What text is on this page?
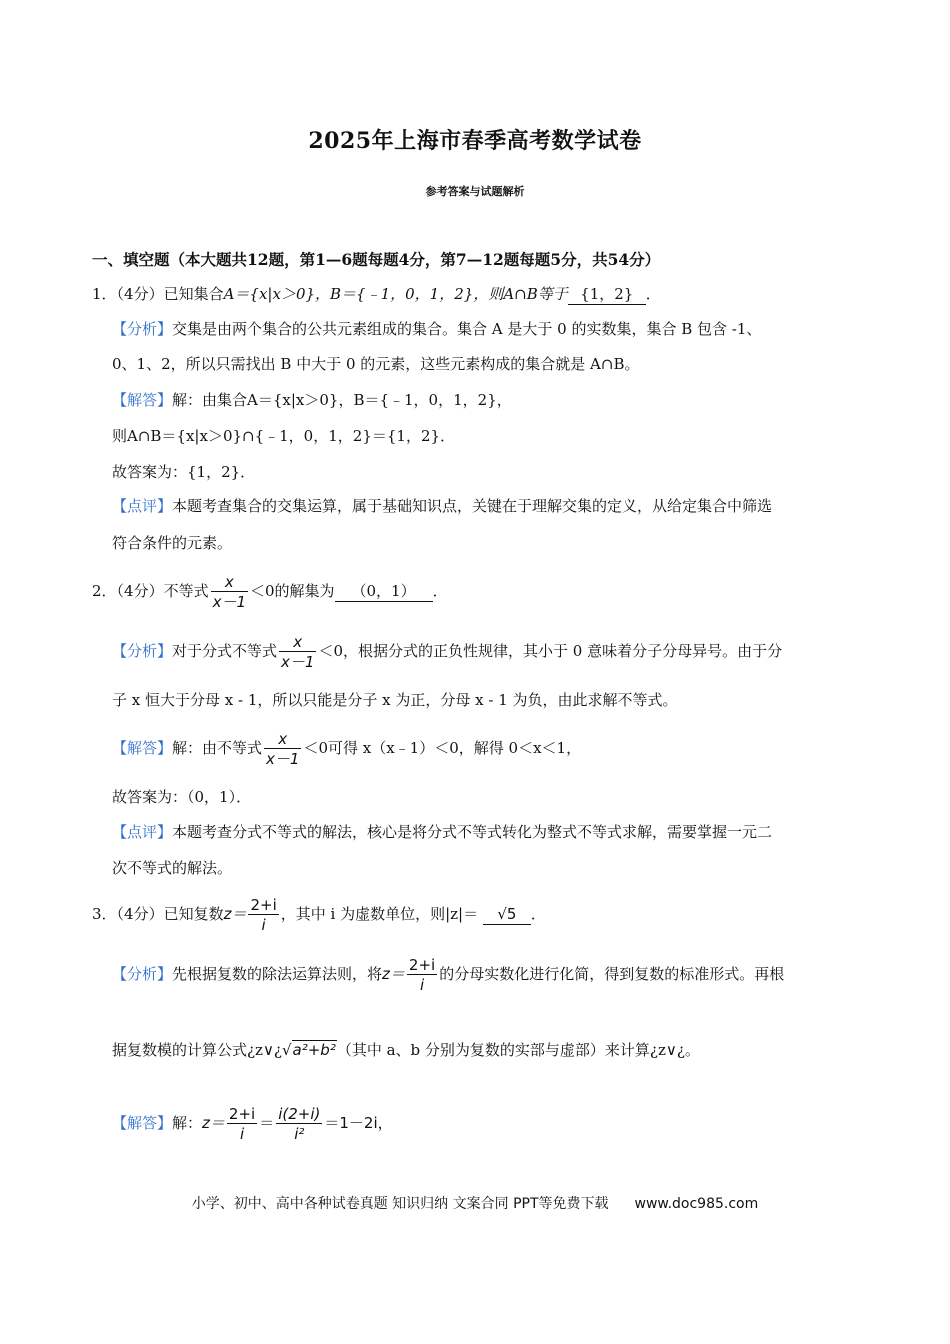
2025年上海市春季高考数学试卷
参考答案与试题解析
一、填空题（本大题共12题，第1—6题每题4分，第7—12题每题5分，共54分）
1．（4分）已知集合A＝{x|x＞0}，B＝{﹣1，0，1，2}，则A∩B等于 {1，2} ．
【分析】交集是由两个集合的公共元素组成的集合。集合 A 是大于 0 的实数集，集合 B 包含 -1、
0、1、2，所以只需找出 B 中大于 0 的元素，这些元素构成的集合就是 A∩B。
【解答】解：由集合A＝{x|x＞0}，B＝{﹣1，0，1，2}，
则A∩B＝{x|x＞0}∩{﹣1，0，1，2}＝{1，2}．
故答案为：{1，2}．
【点评】本题考查集合的交集运算，属于基础知识点，关键在于理解交集的定义，从给定集合中筛选
符合条件的元素。
2．（4分）不等式 $\frac{x}{x-1} <0$的解集为 （0，1） ．
【分析】对于分式不等式 $\frac{x}{x-1} <0$，根据分式的正负性规律，其小于 0 意味着分子分母异号。由于分
子 x 恒大于分母 x - 1，所以只能是分子 x 为正，分母 x - 1 为负，由此求解不等式。
【解答】解：由不等式 $\frac{x}{x-1} <0$可得 x（x﹣1）＜0，解得 0＜x＜1，
故答案为：（0，1）．
【点评】本题考查分式不等式的解法，核心是将分式不等式转化为整式不等式求解，需要掌握一元二
次不等式的解法。
3．（4分）已知复数$z= \frac{2+i}{i}$ ，其中 i 为虚数单位，则|z|＝ √5 ．
【分析】先根据复数的除法运算法则，将$z= \frac{2+i}{i}$ 的分母实数化进行化简，得到复数的标准形式。再根
据复数模的计算公式¿z∨¿√a²+b²（其中 a、b 分别为复数的实部与虚部）来计算¿z∨¿。
【解答】解：$z= \frac{2+i}{i} = \frac{i(2+i)}{\text{i²}} =1-2i$，
小学、初中、高中各种试卷真题 知识归纳 文案合同 PPT等免费下载 www.doc985.com
